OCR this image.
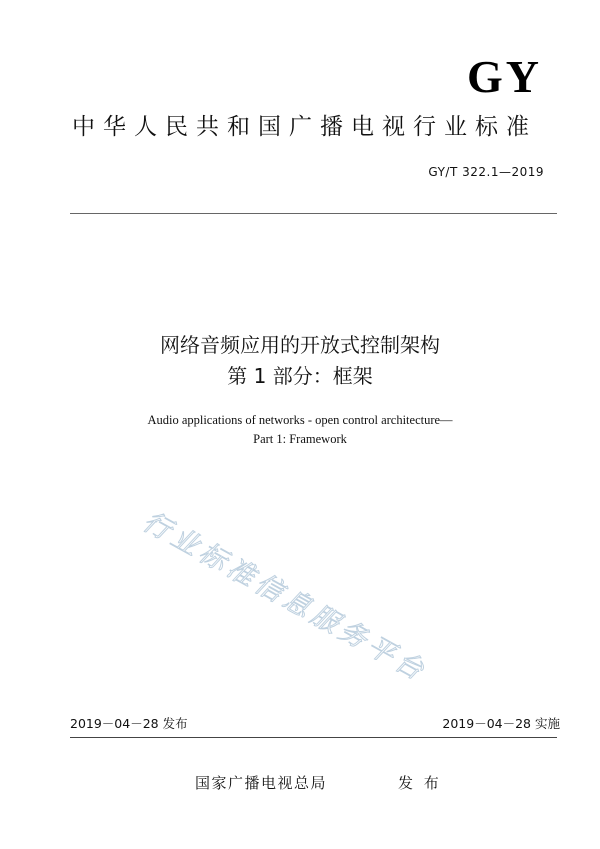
GY
中华人民共和国广播电视行业标准
GY/T 322.1—2019
网络音频应用的开放式控制架构
第 1 部分：框架
Audio applications of networks - open control architecture—
Part 1: Framework
行业标准信息服务平台
2019－04－28 发布	2019－04－28 实施
国家广播电视总局	发 布
